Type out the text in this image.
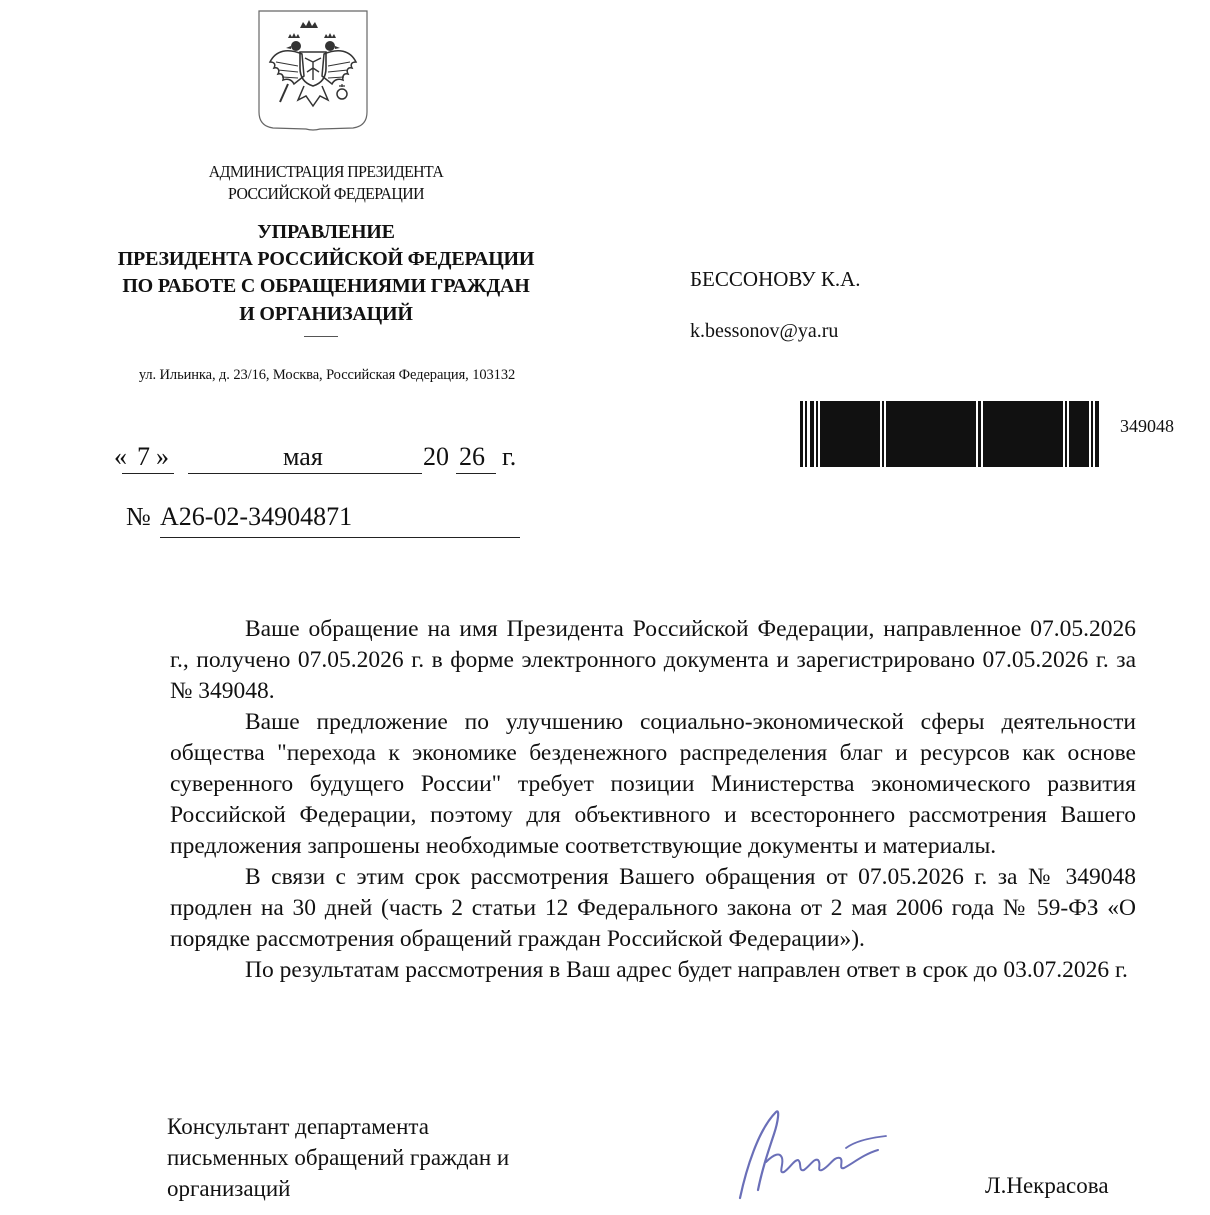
АДМИНИСТРАЦИЯ ПРЕЗИДЕНТА
РОССИЙСКОЙ ФЕДЕРАЦИИ
УПРАВЛЕНИЕ
ПРЕЗИДЕНТА РОССИЙСКОЙ ФЕДЕРАЦИИ
ПО РАБОТЕ С ОБРАЩЕНИЯМИ ГРАЖДАН
И ОРГАНИЗАЦИЙ
ул. Ильинка, д. 23/16, Москва, Российская Федерация, 103132
« 7 »	мая	20 26 г.
№ А26-02-34904871
БЕССОНОВУ К.А.
k.bessonov@ya.ru
349048

Ваше обращение на имя Президента Российской Федерации, направленное 07.05.2026 г., получено 07.05.2026 г. в форме электронного документа и зарегистрировано 07.05.2026 г. за № 349048.

Ваше предложение по улучшению социально-экономической сферы деятельности общества "перехода к экономике безденежного распределения благ и ресурсов как основе суверенного будущего России" требует позиции Министерства экономического развития Российской Федерации, поэтому для объективного и всестороннего рассмотрения Вашего предложения запрошены необходимые соответствующие документы и материалы.

В связи с этим срок рассмотрения Вашего обращения от 07.05.2026 г. за № 349048 продлен на 30 дней (часть 2 статьи 12 Федерального закона от 2 мая 2006 года № 59-ФЗ «О порядке рассмотрения обращений граждан Российской Федерации»).

По результатам рассмотрения в Ваш адрес будет направлен ответ в срок до 03.07.2026 г.

Консультант департамента
письменных обращений граждан и
организаций	Л.Некрасова
